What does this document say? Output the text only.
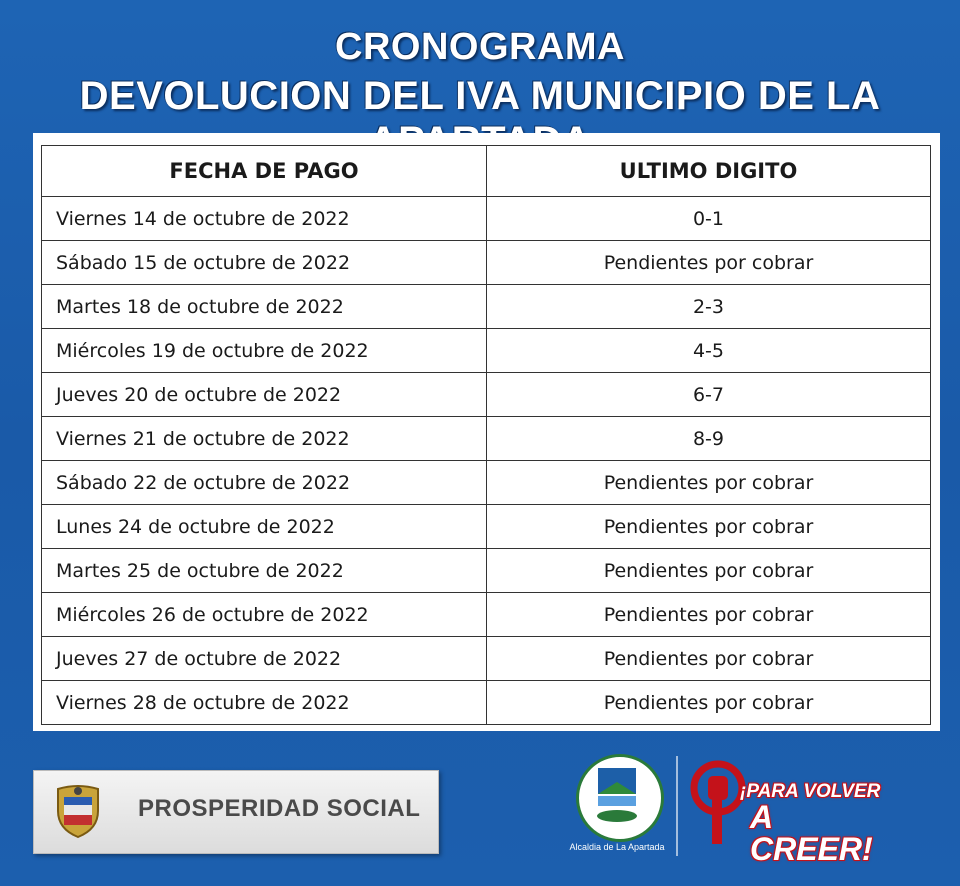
CRONOGRAMA
DEVOLUCION DEL IVA MUNICIPIO DE LA
FECHA DE PAGO	ULTIMO DIGITO
Viernes 14 de octubre de 2022	0-1
Sábado 15 de octubre de 2022	Pendientes por cobrar
Martes 18 de octubre de 2022	2-3
Miércoles 19 de octubre de 2022	4-5
Jueves 20 de octubre de 2022	6-7
Viernes 21 de octubre de 2022	8-9
Sábado 22 de octubre de 2022	Pendientes por cobrar
Lunes 24 de octubre de 2022	Pendientes por cobrar
Martes 25 de octubre de 2022	Pendientes por cobrar
Miércoles 26 de octubre de 2022	Pendientes por cobrar
Jueves 27 de octubre de 2022	Pendientes por cobrar
Viernes 28 de octubre de 2022	Pendientes por cobrar
PROSPERIDAD SOCIAL
Alcaldia de La Apartada
¡PARA VOLVER
A CREER!
